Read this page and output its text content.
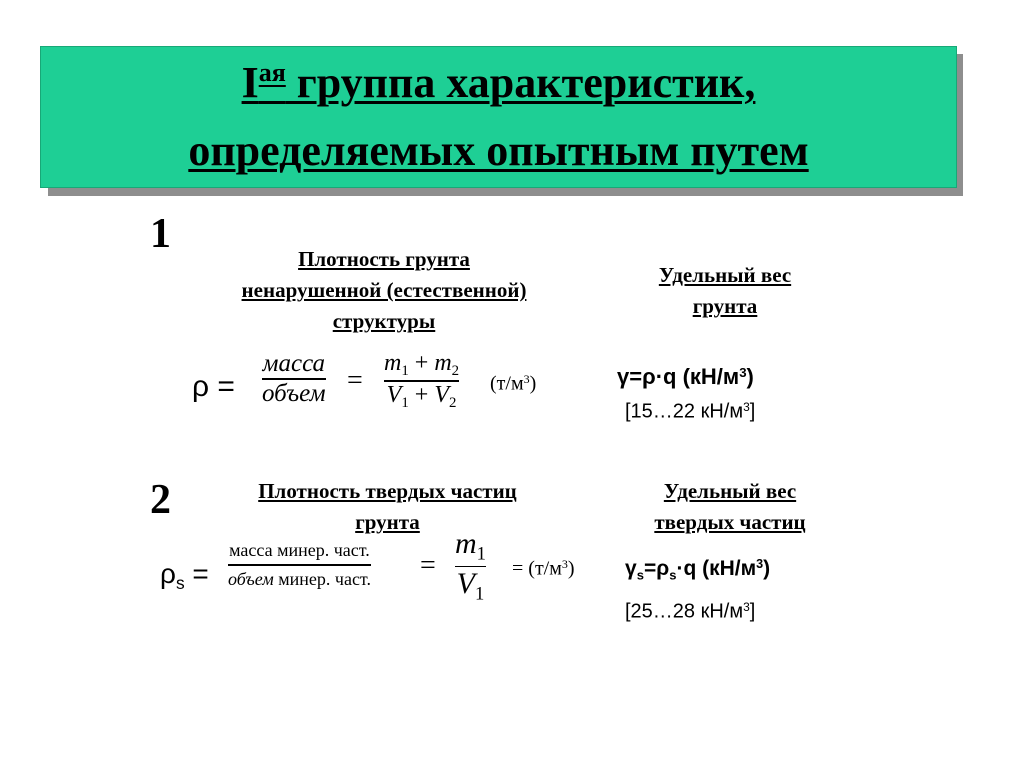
$I^{ая}$ группа характеристик,
определяемых опытным путем
1
Плотность грунта
ненарушенной (естественной)
структуры
Удельный вес
грунта
ρ =
масса
объем =
$m_1 + m_2$
$V_1 + V_2$
$(т/м^3)$	γ=ρ·q $(кН/м^3)$
[15…22 $кН/м^3$]
2	Плотность твердых частиц
грунта
Удельный вес
твердых частиц
$\rho_s$ =
масса минер. част.
объем минер. част. =
$m_1$
$V_1$
= $(т/м^3)$ $\gamma_s=\rho_s\cdot q$ $(кН/м^3)$
[25…28 $кН/м^3$]
